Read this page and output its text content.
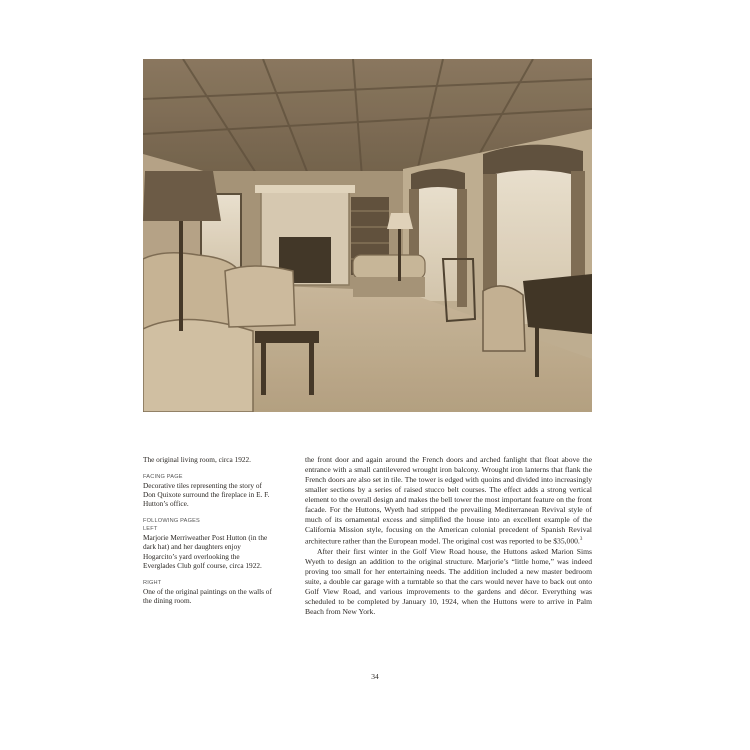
The original living room, circa 1922.

FACING PAGE

Decorative tiles representing the story of Don Quixote surround the fireplace in E. F. Hutton’s office.

FOLLOWING PAGES

LEFT

Marjorie Merriweather Post Hutton (in the dark hat) and her daughters enjoy Hogarcito’s yard overlooking the Everglades Club golf course, circa 1922.

RIGHT

One of the original paintings on the walls of the dining room.

the front door and again around the French doors and arched fanlight that float above the entrance with a small cantilevered wrought iron balcony. Wrought iron lanterns that flank the French doors are also set in tile. The tower is edged with quoins and divided into increasingly smaller sections by a series of raised stucco belt courses. The effect adds a strong vertical element to the overall design and makes the bell tower the most important feature on the front facade. For the Huttons, Wyeth had stripped the prevailing Mediterranean Revival style of much of its ornamental excess and simplified the house into an excellent example of the California Mission style, focusing on the American colonial precedent of Spanish Revival architecture rather than the European model. The original cost was reported to be $35,000.$^3$

After their first winter in the Golf View Road house, the Huttons asked Marion Sims Wyeth to design an addition to the original structure. Marjorie’s “little home,” was indeed proving too small for her entertaining needs. The addition included a new master bedroom suite, a double car garage with a turntable so that the cars would never have to back out onto Golf View Road, and various improvements to the gardens and décor. Everything was scheduled to be completed by January 10, 1924, when the Huttons were to arrive in Palm Beach from New York.

34
